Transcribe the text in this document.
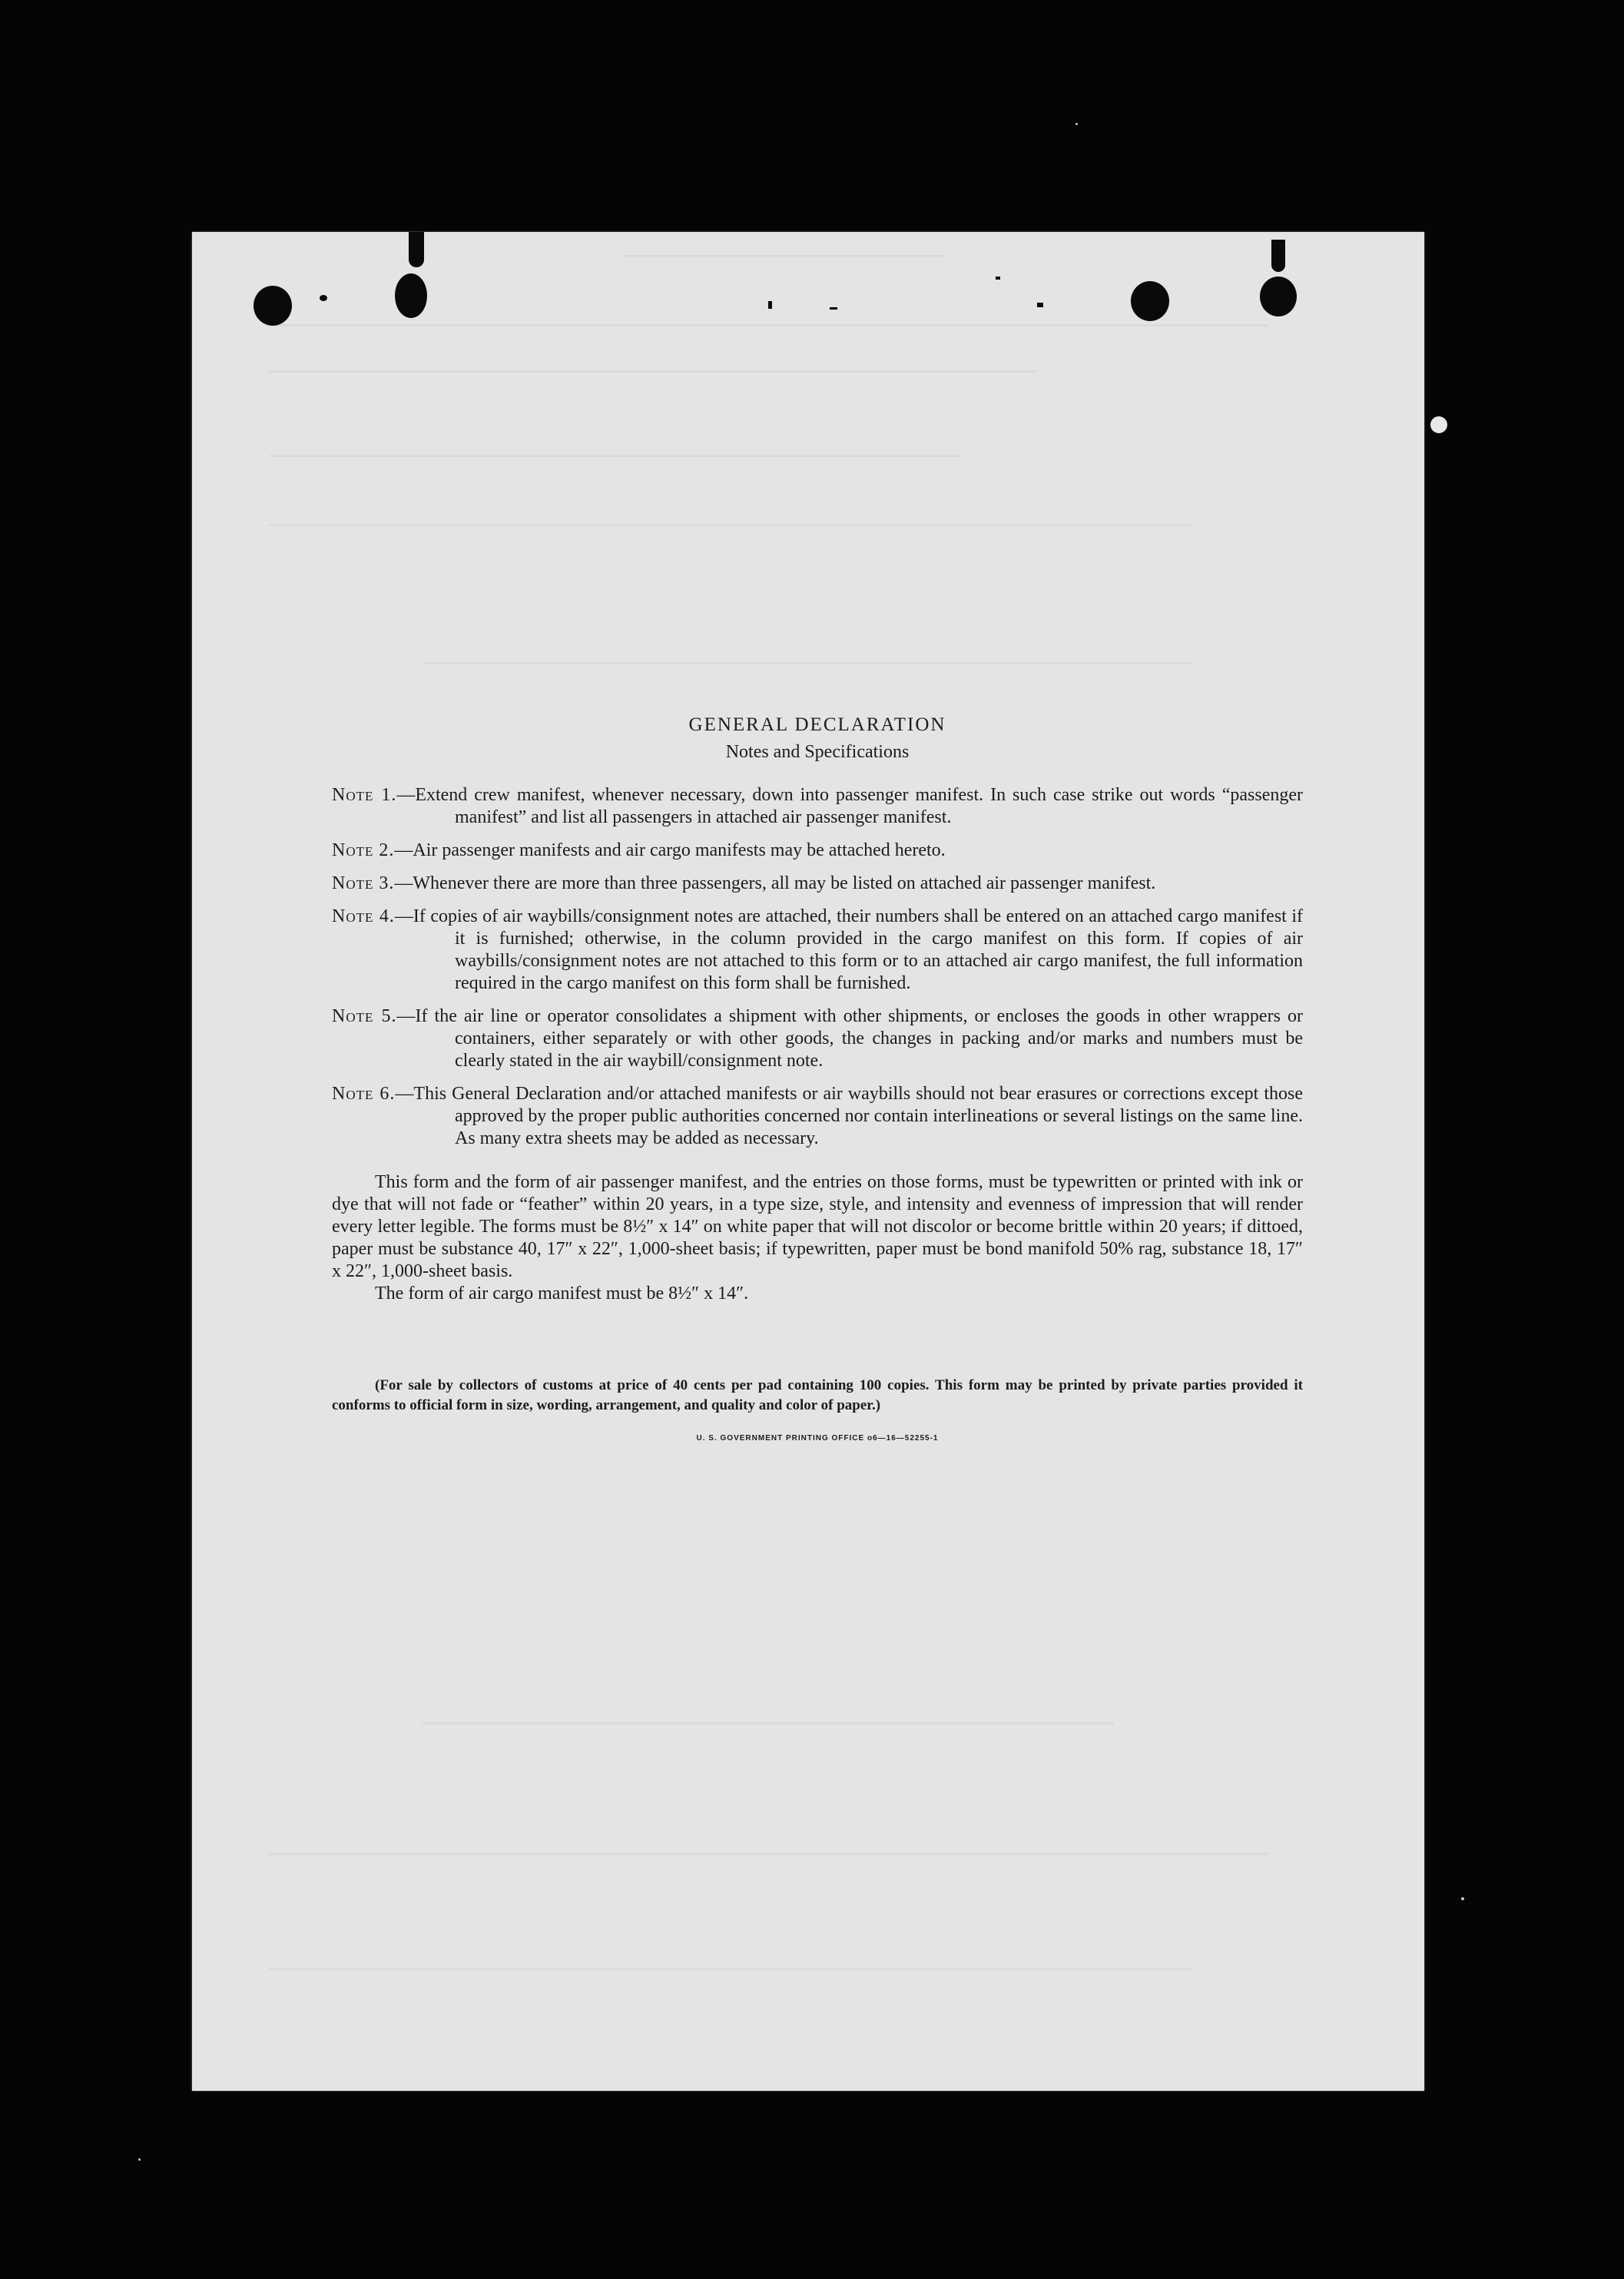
GENERAL DECLARATION
Notes and Specifications

Note 1.—Extend crew manifest, whenever necessary, down into passenger manifest. In such case strike out words “passenger manifest” and list all passengers in attached air passenger manifest.

Note 2.—Air passenger manifests and air cargo manifests may be attached hereto.

Note 3.—Whenever there are more than three passengers, all may be listed on attached air passenger manifest.

Note 4.—If copies of air waybills/consignment notes are attached, their numbers shall be entered on an attached cargo manifest if it is furnished; otherwise, in the column provided in the cargo manifest on this form. If copies of air waybills/consignment notes are not attached to this form or to an attached air cargo manifest, the full information required in the cargo manifest on this form shall be furnished.

Note 5.—If the air line or operator consolidates a shipment with other shipments, or encloses the goods in other wrappers or containers, either separately or with other goods, the changes in packing and/or marks and numbers must be clearly stated in the air waybill/consignment note.

Note 6.—This General Declaration and/or attached manifests or air waybills should not bear erasures or corrections except those approved by the proper public authorities concerned nor contain interlineations or several listings on the same line. As many extra sheets may be added as necessary.

This form and the form of air passenger manifest, and the entries on those forms, must be typewritten or printed with ink or dye that will not fade or “feather” within 20 years, in a type size, style, and intensity and evenness of impression that will render every letter legible. The forms must be 8½″ x 14″ on white paper that will not discolor or become brittle within 20 years; if dittoed, paper must be substance 40, 17″ x 22″, 1,000-sheet basis; if typewritten, paper must be bond manifold 50% rag, substance 18, 17″ x 22″, 1,000-sheet basis.

The form of air cargo manifest must be 8½″ x 14″.

(For sale by collectors of customs at price of 40 cents per pad containing 100 copies. This form may be printed by private parties provided it conforms to official form in size, wording, arrangement, and quality and color of paper.)

U. S. GOVERNMENT PRINTING OFFICE o6—16—52255-1
